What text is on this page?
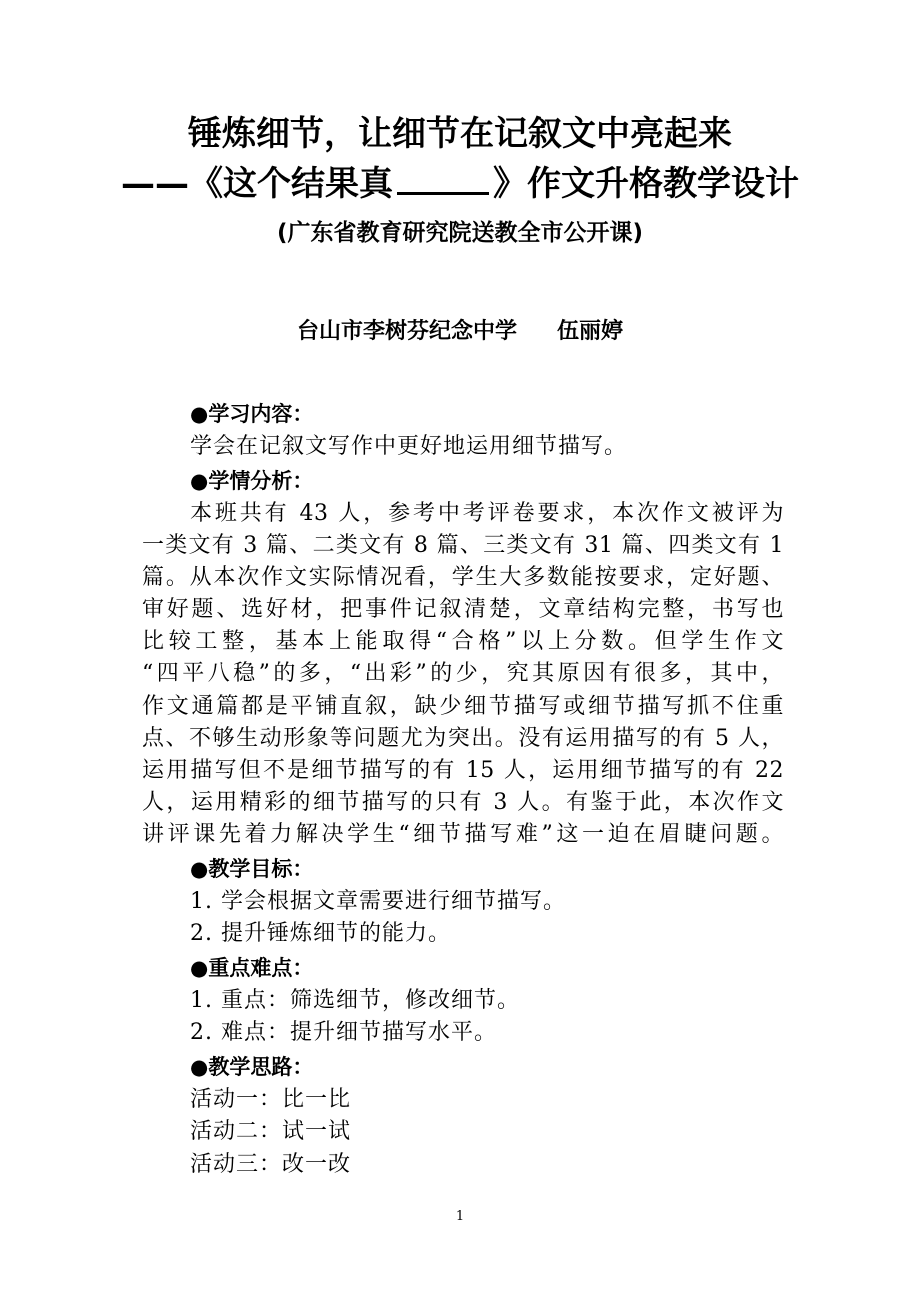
锤炼细节，让细节在记叙文中亮起来
——《这个结果真	》作文升格教学设计
(广东省教育研究院送教全市公开课)
台山市李树芬纪念中学 伍丽婷
●学习内容：
学会在记叙文写作中更好地运用细节描写。
●学情分析：
本班共有 43 人，参考中考评卷要求，本次作文被评为
一类文有 3 篇、二类文有 8 篇、三类文有 31 篇、四类文有 1
篇。从本次作文实际情况看，学生大多数能按要求，定好题、
审好题、选好材，把事件记叙清楚，文章结构完整，书写也
比较工整，基本上能取得“合格”以上分数。但学生作文
“四平八稳”的多，“出彩”的少，究其原因有很多，其中，
作文通篇都是平铺直叙，缺少细节描写或细节描写抓不住重
点、不够生动形象等问题尤为突出。没有运用描写的有 5 人，
运用描写但不是细节描写的有 15 人，运用细节描写的有 22
人，运用精彩的细节描写的只有 3 人。有鉴于此，本次作文
讲评课先着力解决学生“细节描写难”这一迫在眉睫问题。
●教学目标：
1. 学会根据文章需要进行细节描写。
2. 提升锤炼细节的能力。
●重点难点：
1. 重点：筛选细节，修改细节。
2. 难点：提升细节描写水平。
●教学思路：
活动一：比一比
活动二：试一试
活动三：改一改
1
